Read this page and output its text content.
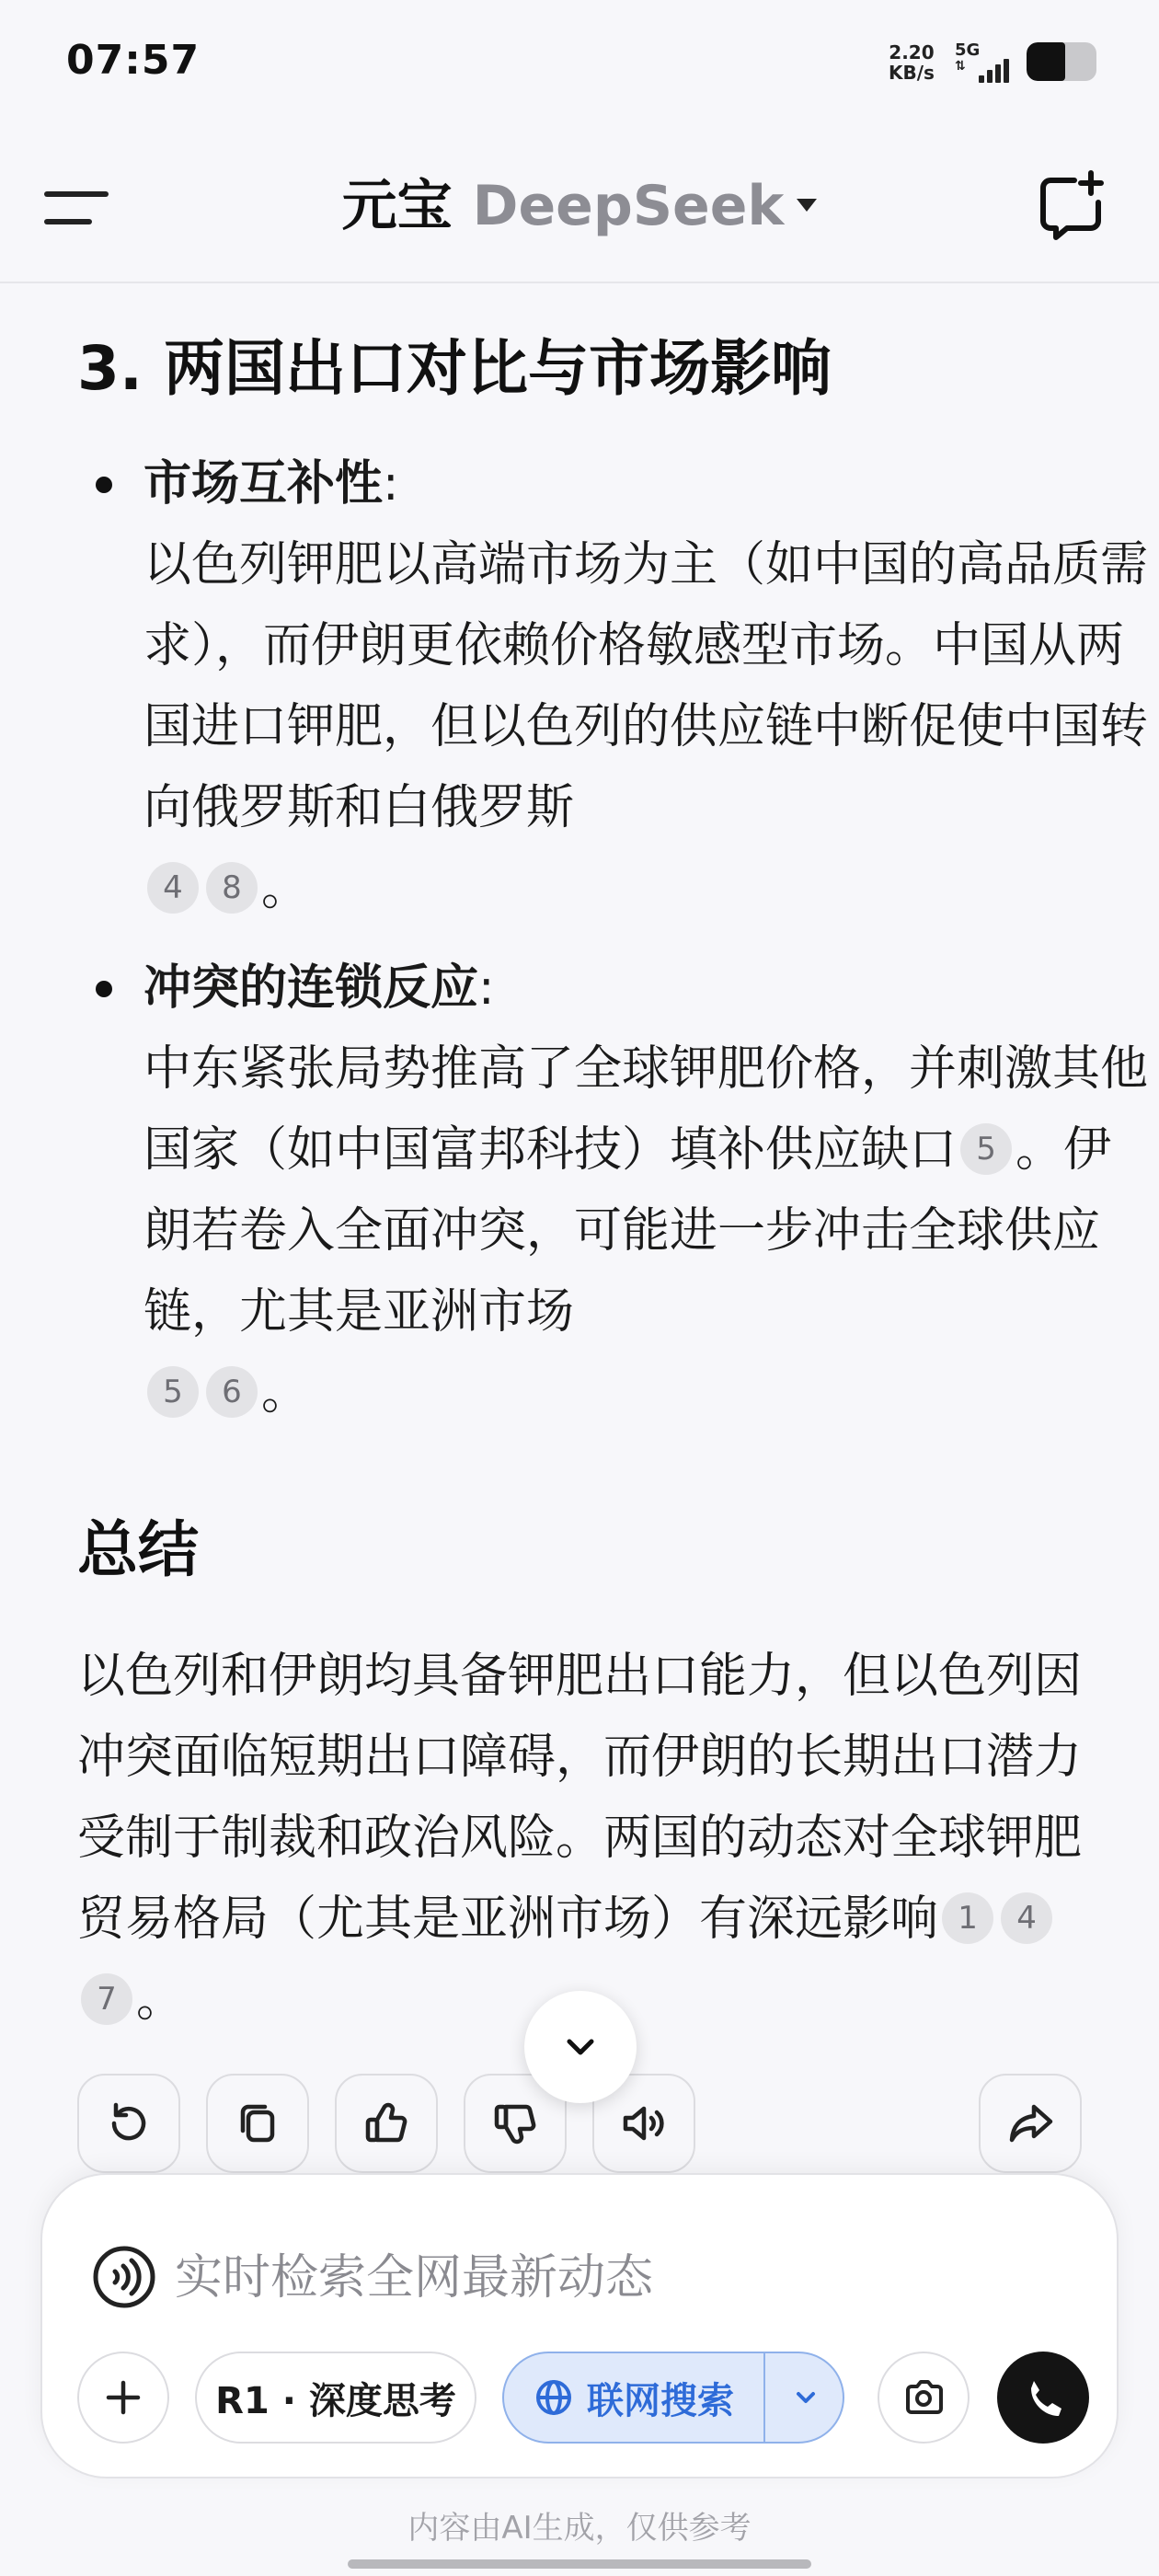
07:57	2.20
KB/s
5G
⇅
元宝 DeepSeek
3. 两国出口对比与市场影响
市场互补性:
以色列钾肥以高端市场为主（如中国的高品质需求），而伊朗更依赖价格敏感型市场。中国从两国进口钾肥，但以色列的供应链中断促使中国转向俄罗斯和白俄罗斯
4 8 。
冲突的连锁反应:
中东紧张局势推高了全球钾肥价格，并刺激其他国家（如中国富邦科技）填补供应缺口 5 。伊朗若卷入全面冲突，可能进一步冲击全球供应链，尤其是亚洲市场
5 6 。
总结
以色列和伊朗均具备钾肥出口能力，但以色列因冲突面临短期出口障碍，而伊朗的长期出口潜力受制于制裁和政治风险。两国的动态对全球钾肥贸易格局（尤其是亚洲市场）有深远影响 1 47 。
实时检索全网最新动态
R1 · 深度思考	联网搜索
内容由AI生成，仅供参考
